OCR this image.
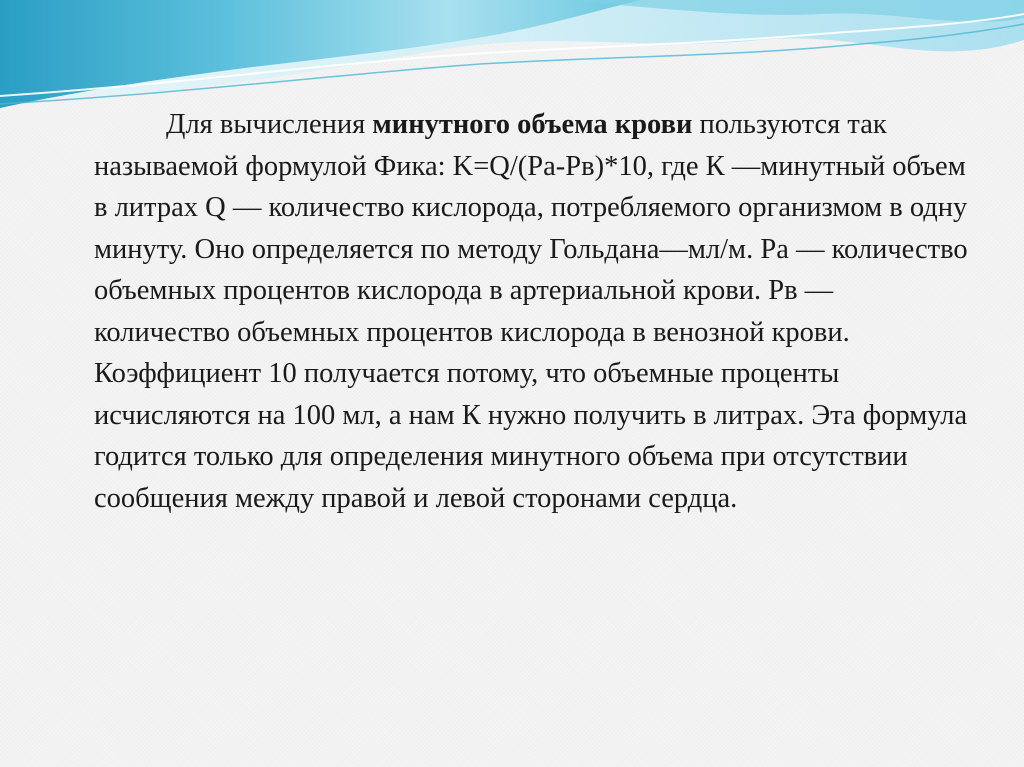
Для вычисления минутного объема крови пользуются так называемой формулой Фика: K=Q/(Ра-Рв)*10, где К —минутный объем в литрах Q — количество кислорода, потребляемого организмом в одну минуту. Оно определяется по методу Гольдана—мл/м. Ра — количество объемных процентов кислорода в артериальной крови. Рв — количество объемных процентов кислорода в венозной крови. Коэффициент 10 получается потому, что объемные проценты исчисляются на 100 мл, а нам К нужно получить в литрах. Эта формула годится только для определения минутного объема при отсутствии сообщения между правой и левой сторонами сердца.
